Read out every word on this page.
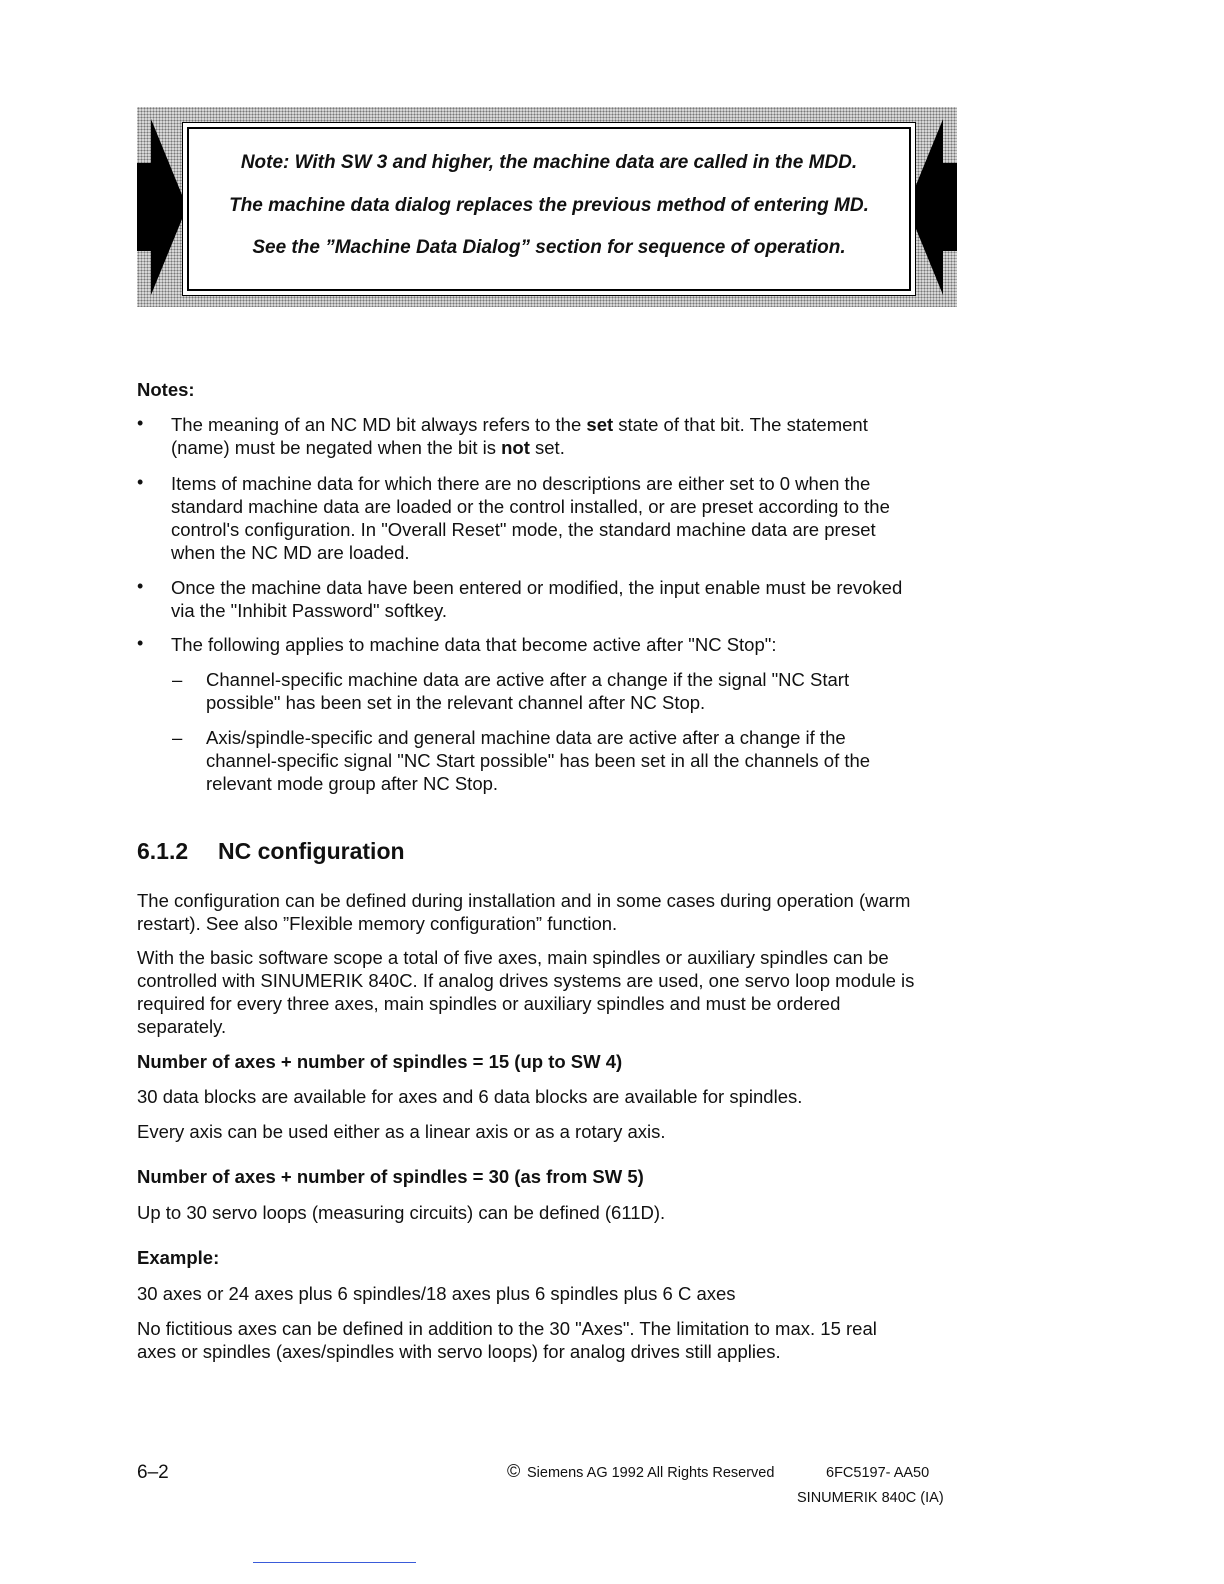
Note: With SW 3 and higher, the machine data are called in the MDD.
The machine data dialog replaces the previous method of entering MD.
See the ”Machine Data Dialog” section for sequence of operation.
Notes:
• The meaning of an NC MD bit always refers to the set state of that bit. The statement
(name) must be negated when the bit is not set.
• Items of machine data for which there are no descriptions are either set to 0 when the
standard machine data are loaded or the control installed, or are preset according to the
control's configuration. In "Overall Reset" mode, the standard machine data are preset
when the NC MD are loaded.
• Once the machine data have been entered or modified, the input enable must be revoked
via the "Inhibit Password" softkey.
• The following applies to machine data that become active after "NC Stop":
– Channel-specific machine data are active after a change if the signal "NC Start
possible" has been set in the relevant channel after NC Stop.
– Axis/spindle-specific and general machine data are active after a change if the
channel-specific signal "NC Start possible" has been set in all the channels of the
relevant mode group after NC Stop.
6.1.2 NC configuration
The configuration can be defined during installation and in some cases during operation (warm
restart). See also ”Flexible memory configuration” function.
With the basic software scope a total of five axes, main spindles or auxiliary spindles can be
controlled with SINUMERIK 840C. If analog drives systems are used, one servo loop module is
required for every three axes, main spindles or auxiliary spindles and must be ordered
separately.
Number of axes + number of spindles = 15 (up to SW 4)
30 data blocks are available for axes and 6 data blocks are available for spindles.
Every axis can be used either as a linear axis or as a rotary axis.
Number of axes + number of spindles = 30 (as from SW 5)
Up to 30 servo loops (measuring circuits) can be defined (611D).
Example:
30 axes or 24 axes plus 6 spindles/18 axes plus 6 spindles plus 6 C axes
No fictitious axes can be defined in addition to the 30 "Axes". The limitation to max. 15 real
axes or spindles (axes/spindles with servo loops) for analog drives still applies.
6–2	© Siemens AG 1992 All Rights Reserved	6FC5197- AA50
SINUMERIK 840C (IA)
